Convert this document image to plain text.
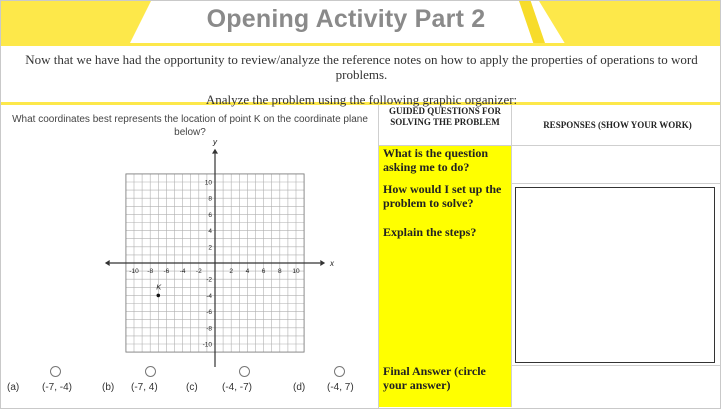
Opening Activity Part 2
Now that we have had the opportunity to review/analyze the reference notes on how to apply the properties of operations to word problems.
Analyze the problem using the following graphic organizer:
What coordinates best represents the location of point K on the coordinate plane below?
x
y
-10 -8 -6 -4 -2	2 4 6 8 10
10
8
6
4
2
-2
-4
-6
-8
-10
K
(a) (-7, -4)	(b) (-7, 4)	(c) (-4, -7)	(d) (-4, 7)
GUIDED QUESTIONS FOR SOLVING THE PROBLEM	RESPONSES (SHOW YOUR WORK)
What is the question asking me to do?
How would I set up the problem to solve?
Explain the steps?
Final Answer (circle your answer)
